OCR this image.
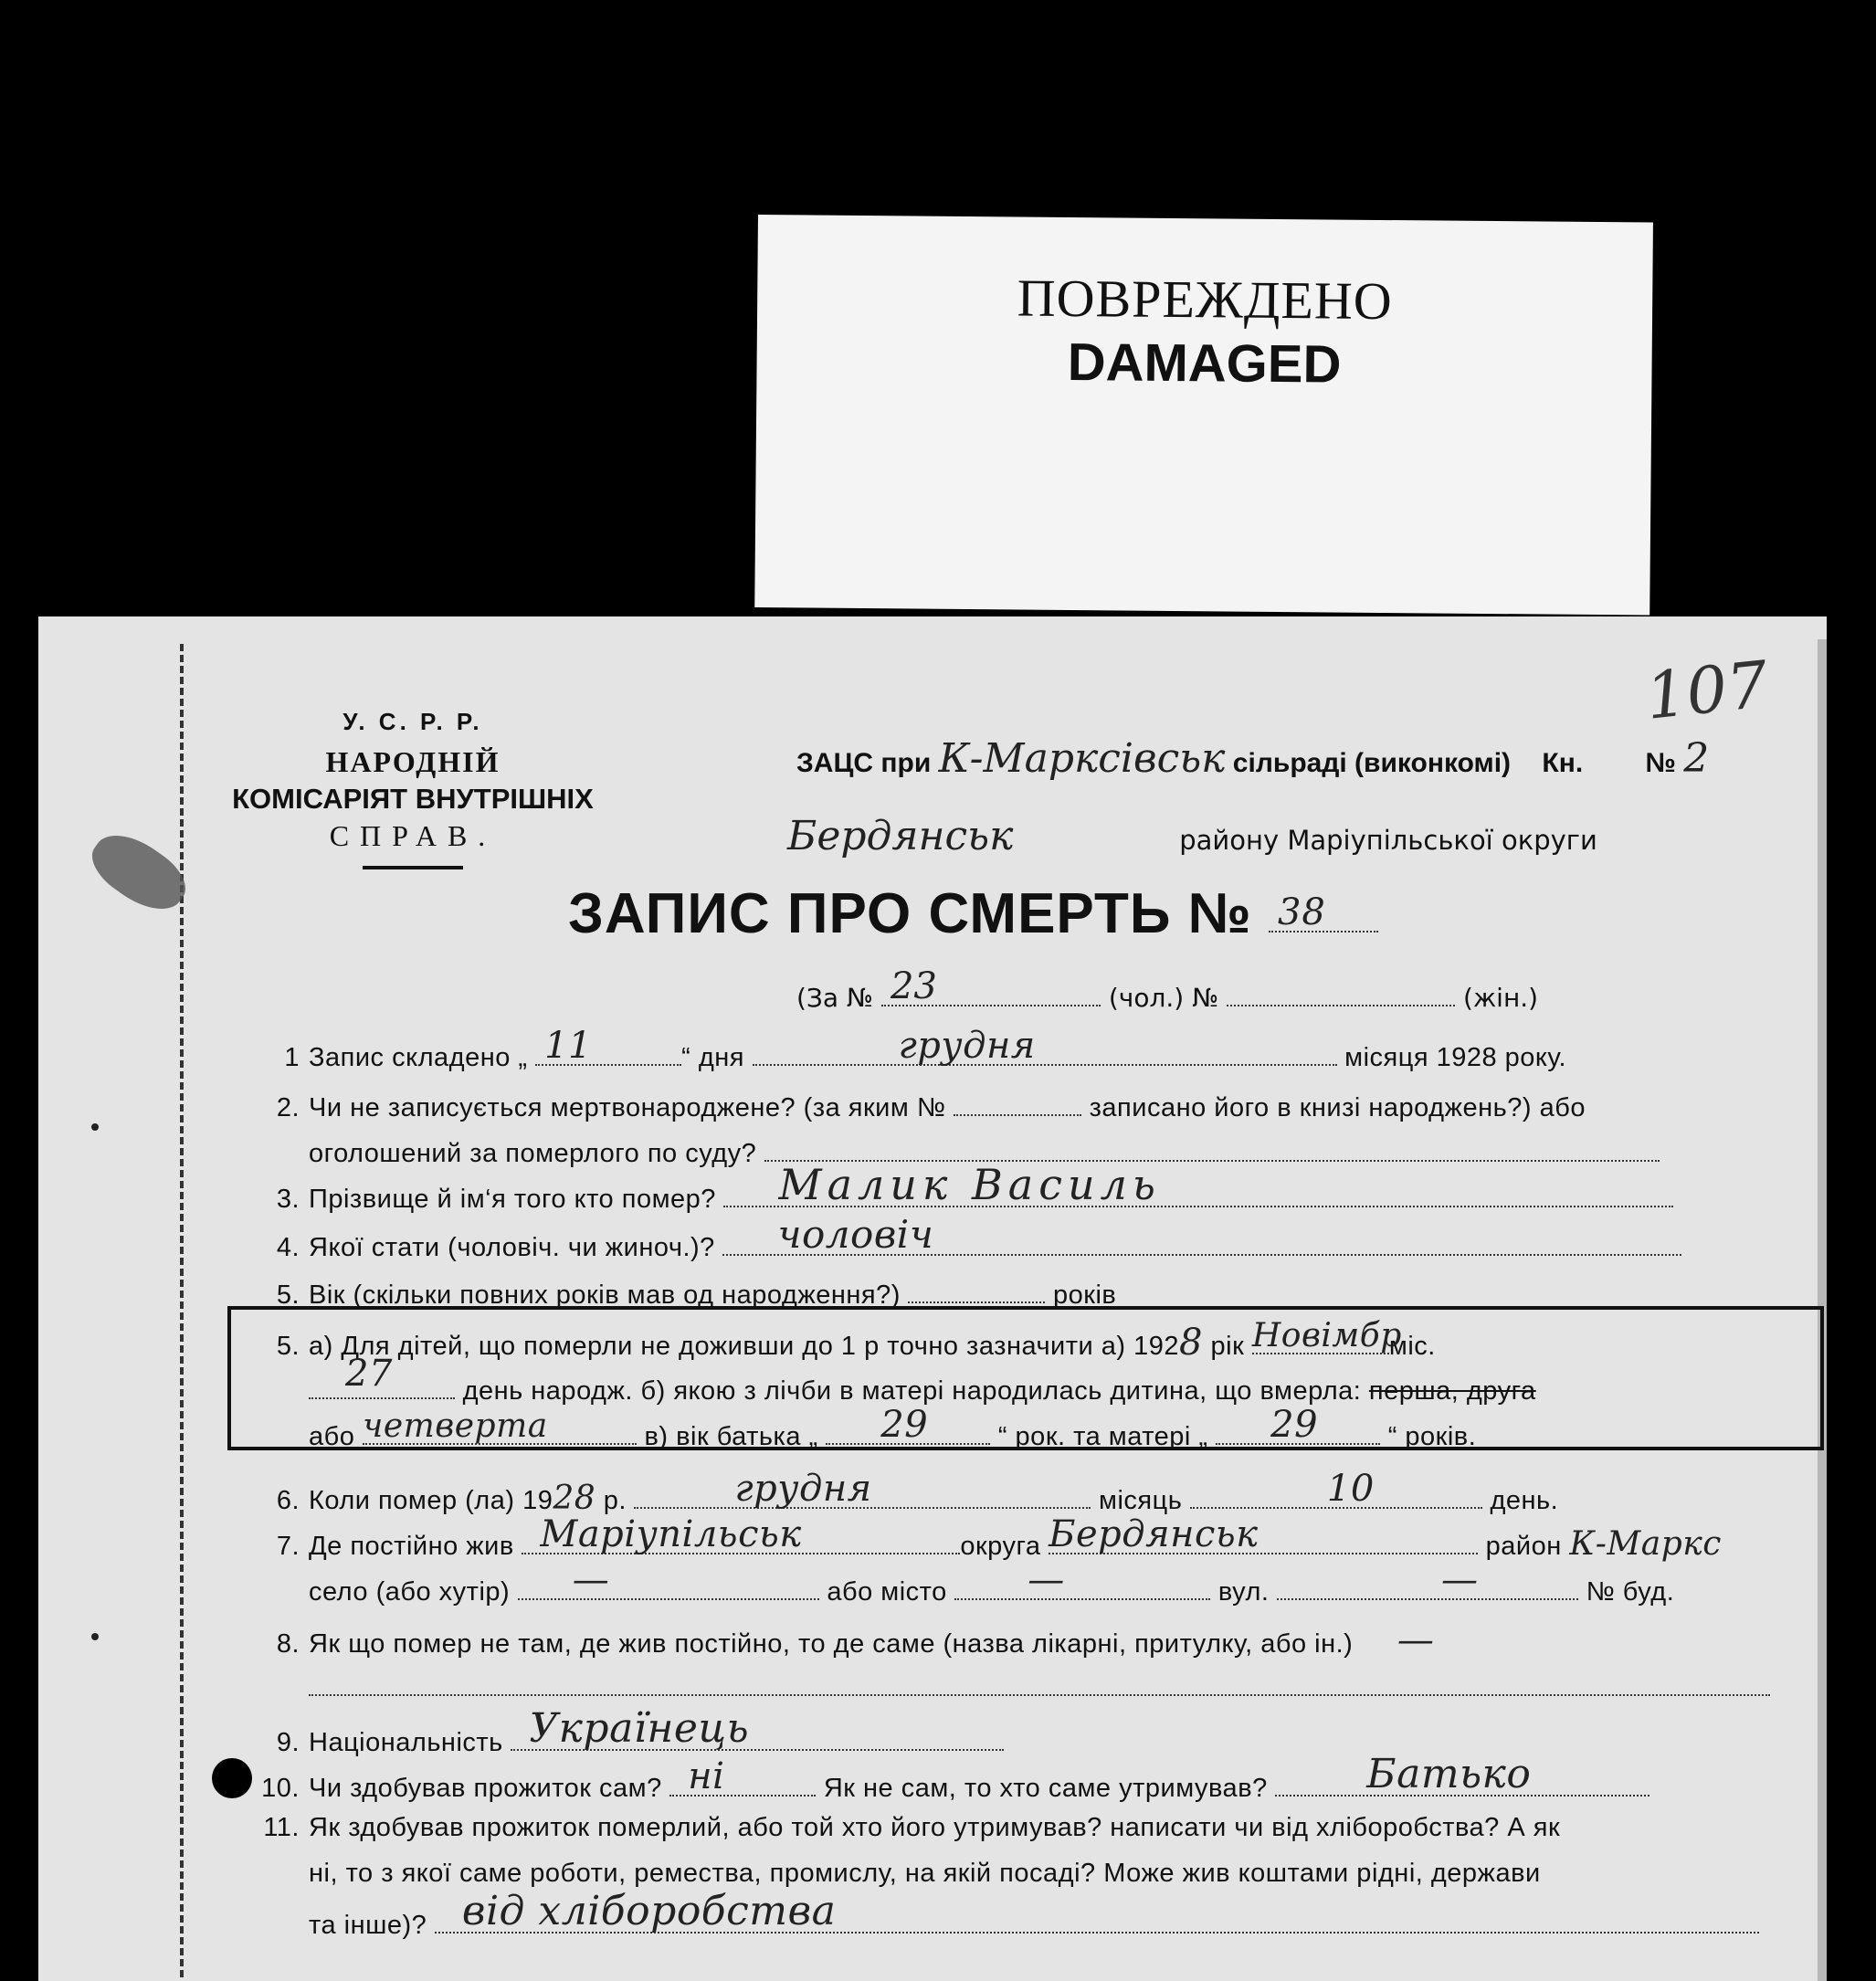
ПОВРЕЖДЕНО
DAMAGED
107
У. С. Р. Р.
НАРОДНІЙ
КОМІСАРІЯТ ВНУТРІШНІХ
СПРАВ.
ЗАЦС при К-Марксівськ сільраді (виконкомі) Кн. № 2
Бердянськ	району Маріупільської округи
ЗАПИС ПРО СМЕРТЬ № 38
(За № 23	(чол.) №	(жін.)
1 Запис складено „ 11	“ дня	грудня	місяця 1928 року.
2. Чи не записується мертвонароджене? (за яким №	записано його в книзі народжень?) або
оголошений за померлого по суду?
3. Прізвище й ім‘я того кто помер? Малик Василь
4. Якої стати (чоловіч. чи жиноч.)? чоловіч
5. Вік (скільки повних років мав од народження?)	років
5. а) Для дітей, що померли не доживши до 1 р точно зазначити а) 1928 рік Новімбр
міс.
27	день народж. б) якою з лічби в матері народилась дитина, що вмерла: перша, друга
або четверта	в) вік батька „ 29	“ рок. та матері „ 29	“ років.
6. Коли помер (ла) 1928 р.	грудня	місяць	10	день.
7. Де постійно жив Маріупільськ	округа Бердянськ	район К-Маркс
село (або хутір) —	або місто —	вул.	—	№ буд.
8. Як що помер не там, де жив постійно, то де саме (назва лікарні, притулку, або ін.) —
9. Національність Українець
10. Чи здобував прожиток сам? ні	Як не сам, то хто саме утримував? Батько
11. Як здобував прожиток померлий, або той хто його утримував? написати чи від хліборобства? А як
ні, то з якої саме роботи, ремества, промислу, на якій посаді? Може жив коштами рідні, держави
та інше)? від хліборобства
